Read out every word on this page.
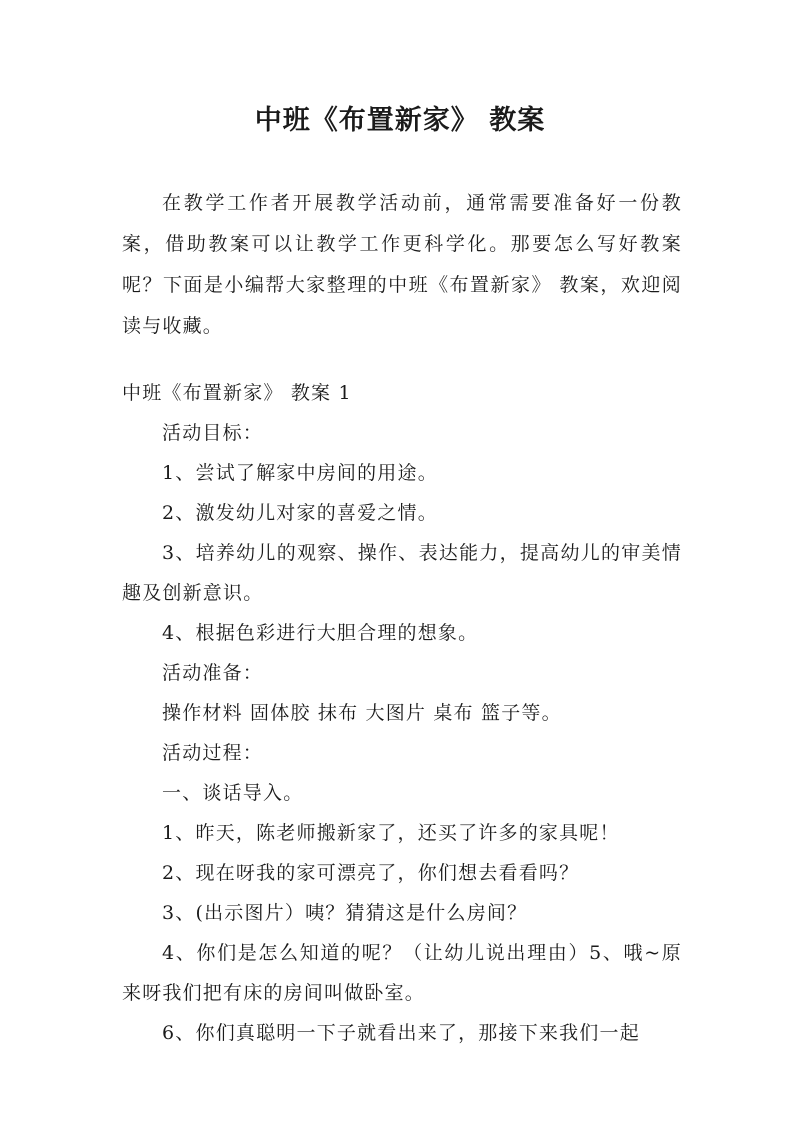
中班《布置新家》 教案

在教学工作者开展教学活动前，通常需要准备好一份教案，借助教案可以让教学工作更科学化。那要怎么写好教案呢？下面是小编帮大家整理的中班《布置新家》 教案，欢迎阅读与收藏。

中班《布置新家》 教案 1

活动目标：

1、尝试了解家中房间的用途。

2、激发幼儿对家的喜爱之情。

3、培养幼儿的观察、操作、表达能力，提高幼儿的审美情趣及创新意识。

4、根据色彩进行大胆合理的想象。

活动准备：

操作材料 固体胶 抹布 大图片 桌布 篮子等。

活动过程：

一、谈话导入。

1、昨天，陈老师搬新家了，还买了许多的家具呢！

2、现在呀我的家可漂亮了，你们想去看看吗？

3、(出示图片）咦？猜猜这是什么房间？

4、你们是怎么知道的呢？（让幼儿说出理由）5、哦~原来呀我们把有床的房间叫做卧室。

6、你们真聪明一下子就看出来了，那接下来我们一起
